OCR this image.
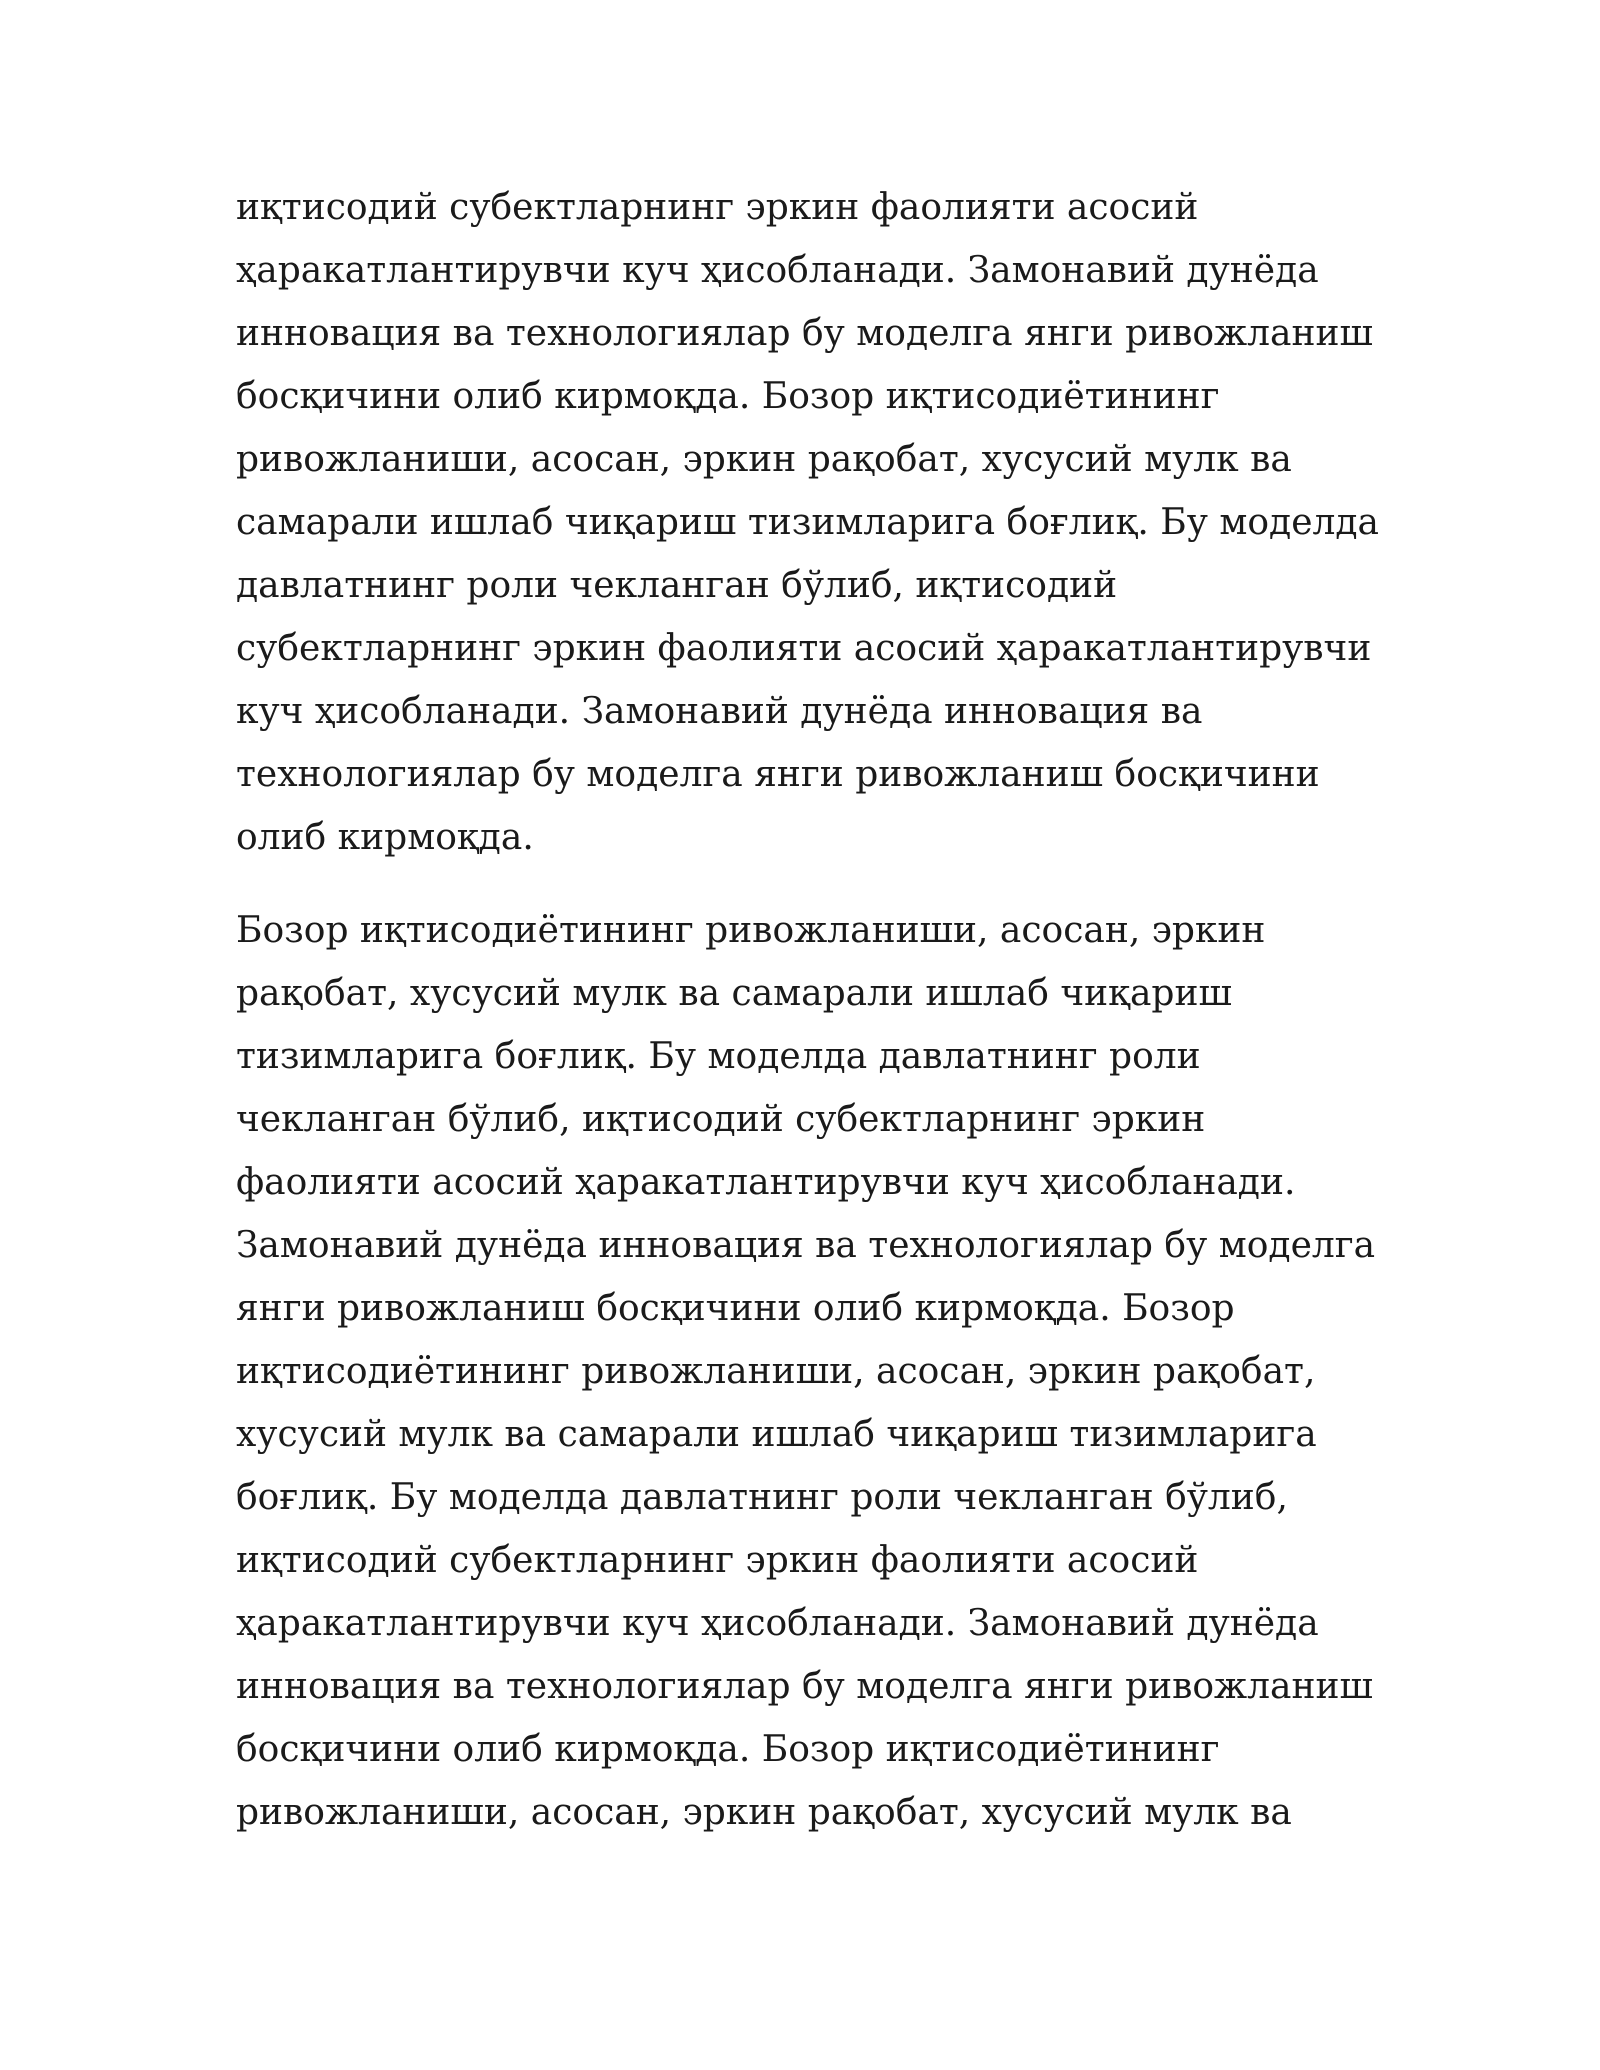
иқтисодий субектларнинг эркин фаолияти асосий
ҳаракатлантирувчи куч ҳисобланади. Замонавий дунёда
инновация ва технологиялар бу моделга янги ривожланиш
босқичини олиб кирмоқда. Бозор иқтисодиётининг
ривожланиши, асосан, эркин рақобат, хусусий мулк ва
самарали ишлаб чиқариш тизимларига боғлиқ. Бу моделда
давлатнинг роли чекланган бўлиб, иқтисодий
субектларнинг эркин фаолияти асосий ҳаракатлантирувчи
куч ҳисобланади. Замонавий дунёда инновация ва
технологиялар бу моделга янги ривожланиш босқичини
олиб кирмоқда.
Бозор иқтисодиётининг ривожланиши, асосан, эркин
рақобат, хусусий мулк ва самарали ишлаб чиқариш
тизимларига боғлиқ. Бу моделда давлатнинг роли
чекланган бўлиб, иқтисодий субектларнинг эркин
фаолияти асосий ҳаракатлантирувчи куч ҳисобланади.
Замонавий дунёда инновация ва технологиялар бу моделга
янги ривожланиш босқичини олиб кирмоқда. Бозор
иқтисодиётининг ривожланиши, асосан, эркин рақобат,
хусусий мулк ва самарали ишлаб чиқариш тизимларига
боғлиқ. Бу моделда давлатнинг роли чекланган бўлиб,
иқтисодий субектларнинг эркин фаолияти асосий
ҳаракатлантирувчи куч ҳисобланади. Замонавий дунёда
инновация ва технологиялар бу моделга янги ривожланиш
босқичини олиб кирмоқда. Бозор иқтисодиётининг
ривожланиши, асосан, эркин рақобат, хусусий мулк ва
